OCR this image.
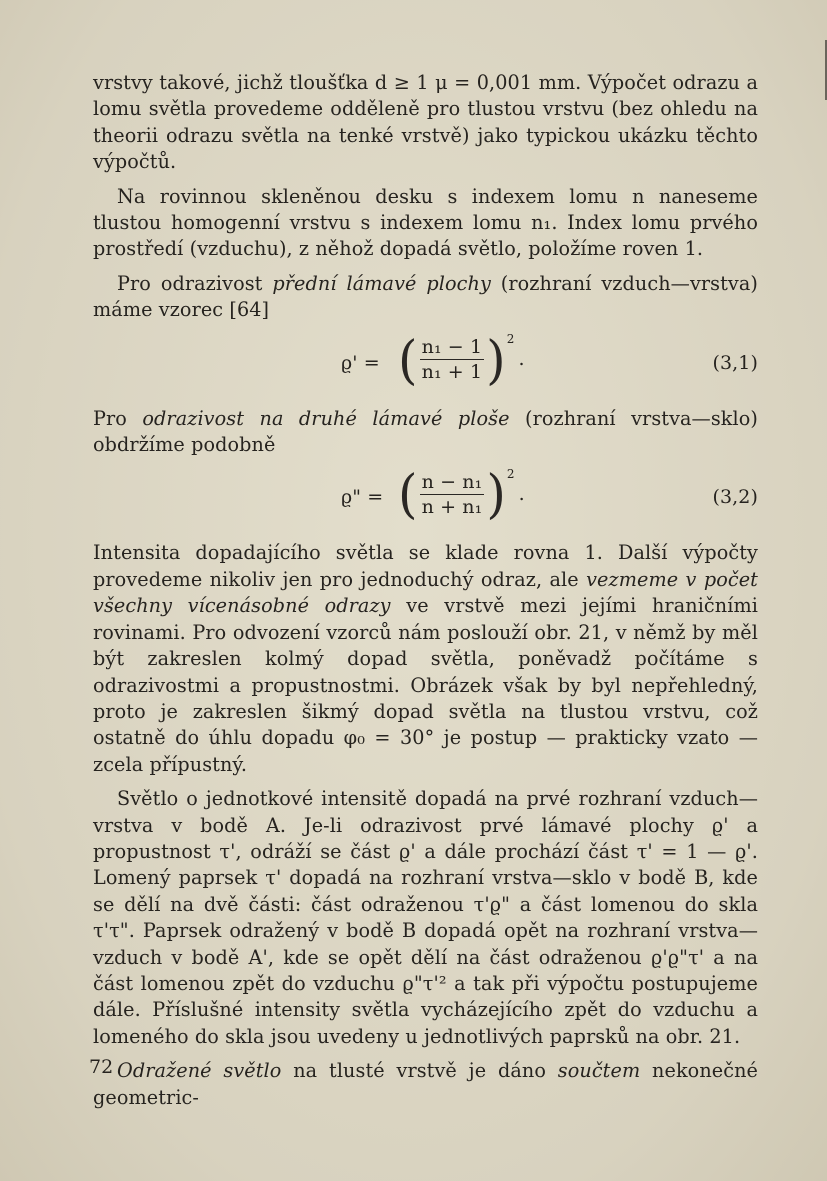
vrstvy takové, jichž tloušťka d ≥ 1 μ = 0,001 mm. Výpočet odrazu a lomu světla provedeme odděleně pro tlustou vrstvu (bez ohledu na theorii odrazu světla na tenké vrstvě) jako typickou ukázku těchto výpočtů.

Na rovinnou skleněnou desku s indexem lomu n naneseme tlustou homogenní vrstvu s indexem lomu n₁. Index lomu prvého prostředí (vzduchu), z něhož dopadá světlo, položíme roven 1.

Pro odrazivost přední lámavé plochy (rozhraní vzduch—vrstva) máme vzorec [64]

ϱ' = ( $\frac{\text{n₁ − 1}}{\text{n₁ + 1}}$ ) 2
.	(3,1)

Pro odrazivost na druhé lámavé ploše (rozhraní vrstva—sklo) obdržíme podobně

ϱ" = ( $\frac{\text{n − n₁}}{\text{n + n₁}}$ ) 2
.	(3,2)

Intensita dopadajícího světla se klade rovna 1. Další výpočty provedeme nikoliv jen pro jednoduchý odraz, ale vezmeme v počet všechny vícenásobné odrazy ve vrstvě mezi jejími hraničními rovinami. Pro odvození vzorců nám poslouží obr. 21, v němž by měl být zakreslen kolmý dopad světla, poněvadž počítáme s odrazivostmi a propustnostmi. Obrázek však by byl nepřehledný, proto je zakreslen šikmý dopad světla na tlustou vrstvu, což ostatně do úhlu dopadu φ₀ = 30° je postup — prakticky vzato — zcela přípustný.

Světlo o jednotkové intensitě dopadá na prvé rozhraní vzduch—vrstva v bodě A. Je-li odrazivost prvé lámavé plochy ϱ' a propustnost τ', odráží se část ϱ' a dále prochází část τ' = 1 — ϱ'. Lomený paprsek τ' dopadá na rozhraní vrstva—sklo v bodě B, kde se dělí na dvě části: část odraženou τ'ϱ" a část lomenou do skla τ'τ". Paprsek odražený v bodě B dopadá opět na rozhraní vrstva—vzduch v bodě A', kde se opět dělí na část odraženou ϱ'ϱ"τ' a na část lomenou zpět do vzduchu ϱ"τ'² a tak při výpočtu postupujeme dále. Příslušné intensity světla vycházejícího zpět do vzduchu a lomeného do skla jsou uvedeny u jednotlivých paprsků na obr. 21.

Odražené světlo na tlusté vrstvě je dáno součtem nekonečné geometric-

72
